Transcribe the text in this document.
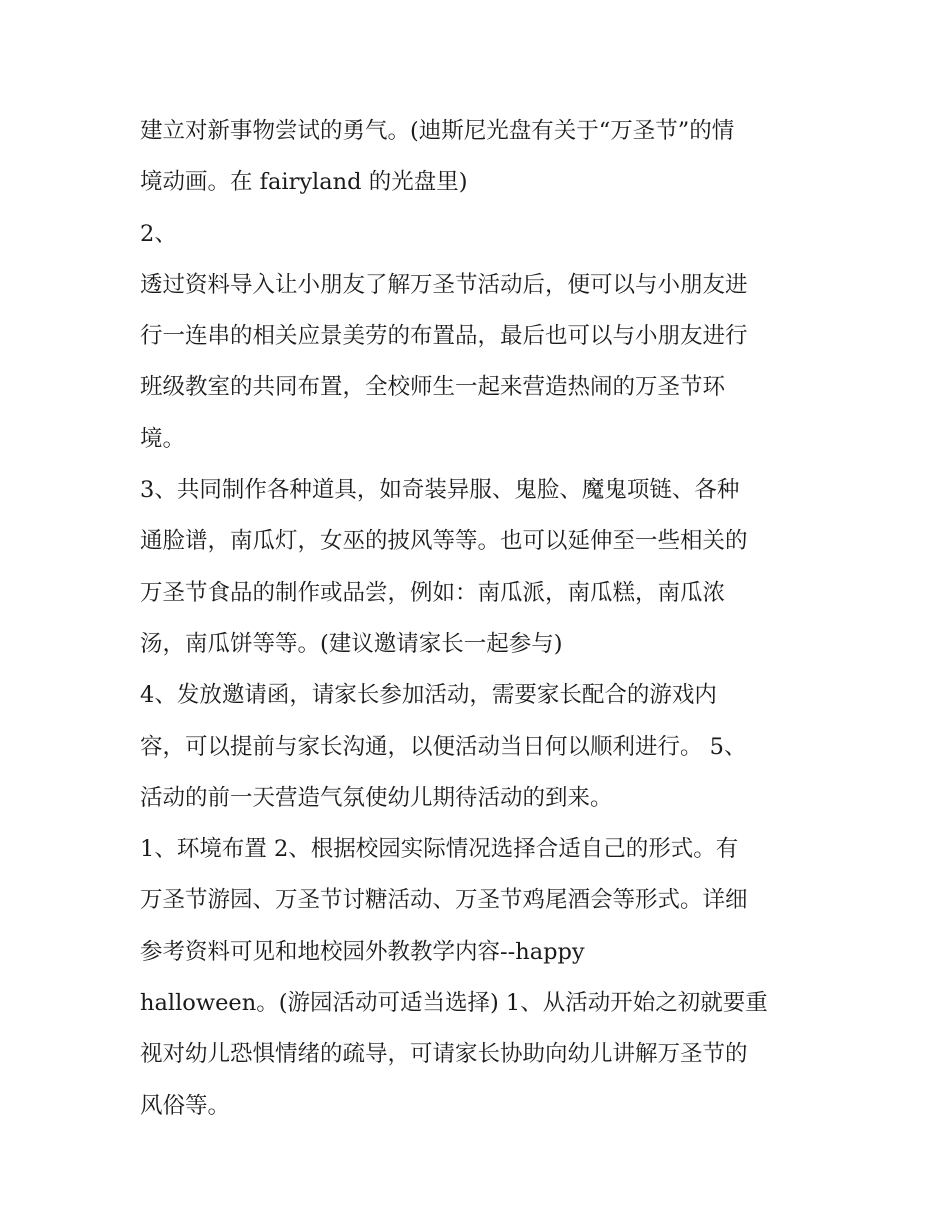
建立对新事物尝试的勇气。(迪斯尼光盘有关于“万圣节”的情
境动画。在 fairyland 的光盘里)
2、
透过资料导入让小朋友了解万圣节活动后，便可以与小朋友进
行一连串的相关应景美劳的布置品，最后也可以与小朋友进行
班级教室的共同布置，全校师生一起来营造热闹的万圣节环
境。
3、共同制作各种道具，如奇装异服、鬼脸、魔鬼项链、各种
通脸谱，南瓜灯，女巫的披风等等。也可以延伸至一些相关的
万圣节食品的制作或品尝，例如：南瓜派，南瓜糕，南瓜浓
汤，南瓜饼等等。(建议邀请家长一起参与)
4、发放邀请函，请家长参加活动，需要家长配合的游戏内
容，可以提前与家长沟通，以便活动当日何以顺利进行。 5、
活动的前一天营造气氛使幼儿期待活动的到来。
1、环境布置 2、根据校园实际情况选择合适自己的形式。有
万圣节游园、万圣节讨糖活动、万圣节鸡尾酒会等形式。详细
参考资料可见和地校园外教教学内容--happy
halloween。(游园活动可适当选择) 1、从活动开始之初就要重
视对幼儿恐惧情绪的疏导，可请家长协助向幼儿讲解万圣节的
风俗等。
